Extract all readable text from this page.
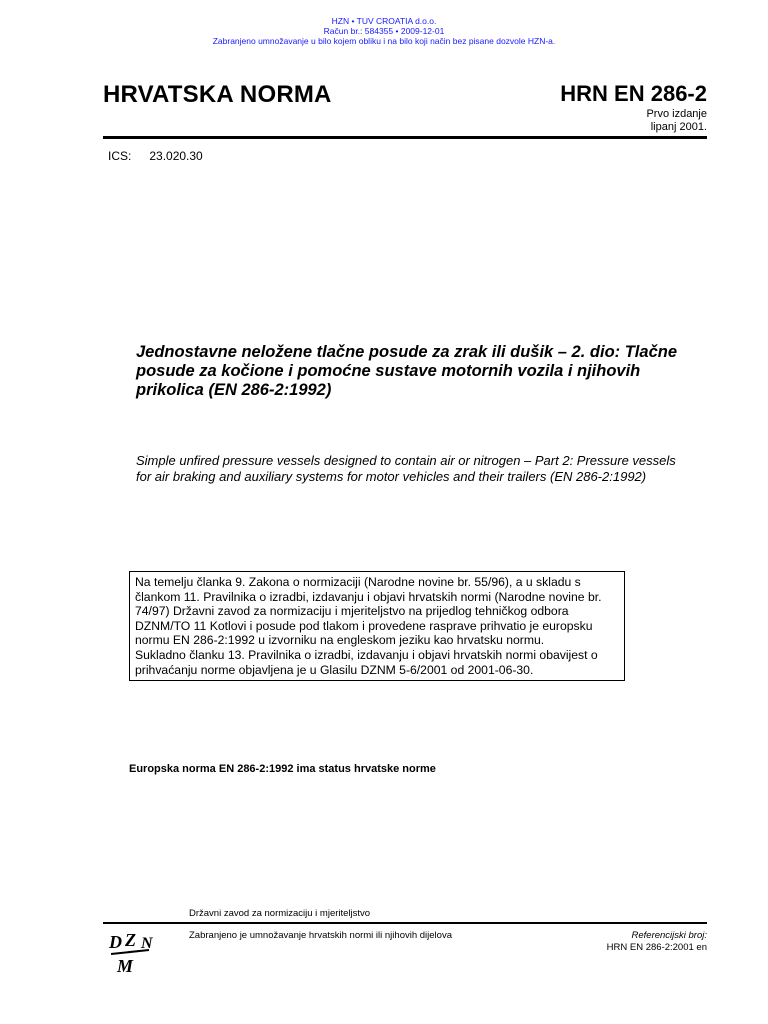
HZN • TUV CROATIA d.o.o.
Račun br.: 584355 • 2009-12-01
Zabranjeno umnožavanje u bilo kojem obliku i na bilo koji način bez pisane dozvole HZN-a.
HRVATSKA NORMA	HRN EN 286-2
Prvo izdanje
lipanj 2001.
ICS: 23.020.30
Jednostavne neložene tlačne posude za zrak ili dušik – 2. dio: Tlačne posude za kočione i pomoćne sustave motornih vozila i njihovih prikolica (EN 286-2:1992)
Simple unfired pressure vessels designed to contain air or nitrogen – Part 2: Pressure vessels for air braking and auxiliary systems for motor vehicles and their trailers (EN 286-2:1992)

Na temelju članka 9. Zakona o normizaciji (Narodne novine br. 55/96), a u skladu s člankom 11. Pravilnika o izradbi, izdavanju i objavi hrvatskih normi (Narodne novine br. 74/97) Državni zavod za normizaciju i mjeriteljstvo na prijedlog tehničkog odbora DZNM/TO 11 Kotlovi i posude pod tlakom i provedene rasprave prihvatio je europsku normu EN 286-2:1992 u izvorniku na engleskom jeziku kao hrvatsku normu.

Sukladno članku 13. Pravilnika o izradbi, izdavanju i objavi hrvatskih normi obavijest o prihvaćanju norme objavljena je u Glasilu DZNM 5-6/2001 od 2001-06-30.

Europska norma EN 286-2:1992 ima status hrvatske norme
Državni zavod za normizaciju i mjeriteljstvo
D Z N
M
Zabranjeno je umnožavanje hrvatskih normi ili njihovih dijelova	Referencijski broj:
HRN EN 286-2:2001 en
